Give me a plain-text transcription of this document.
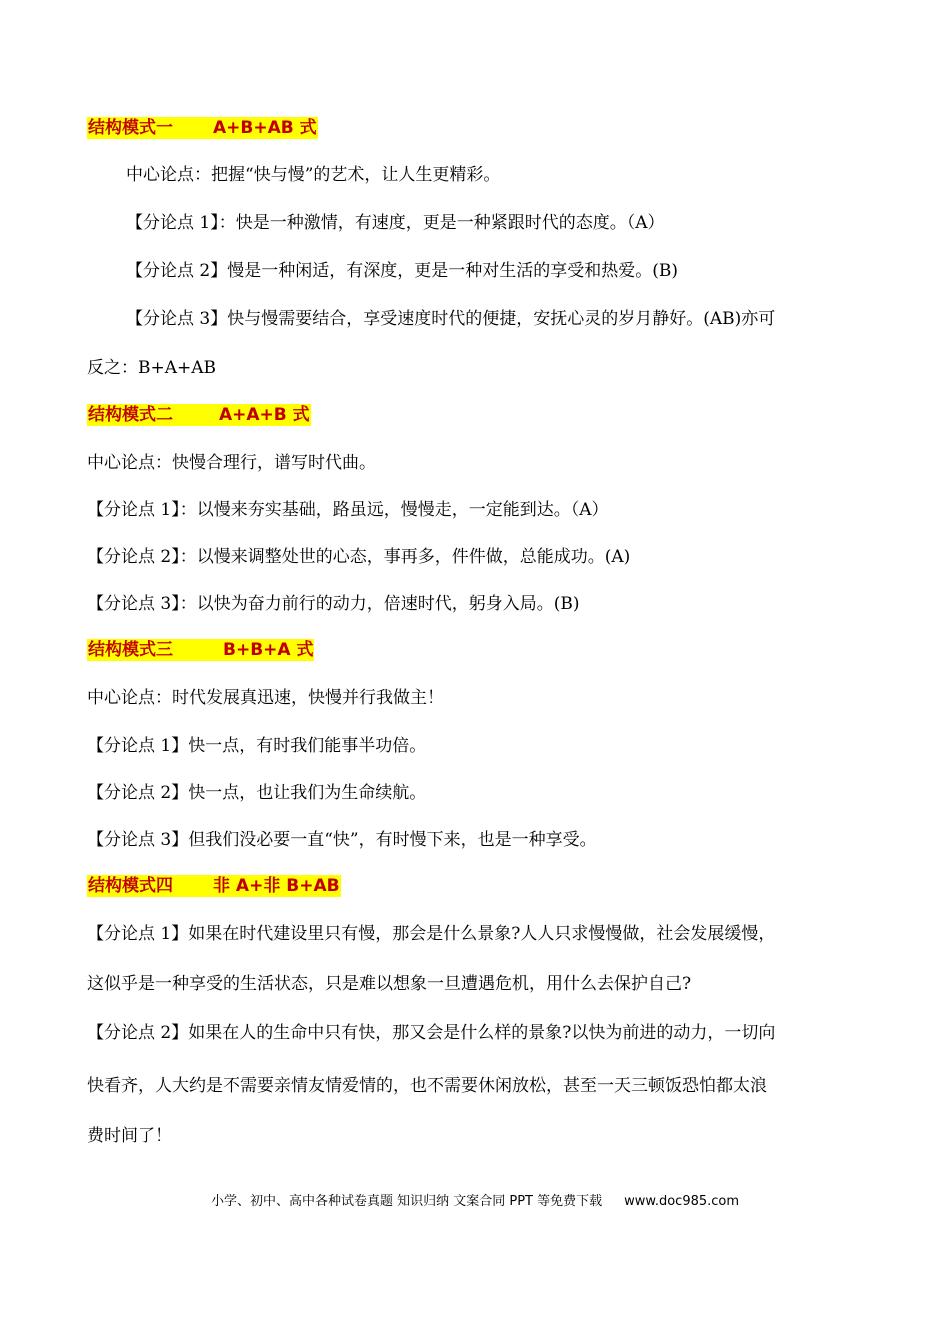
结构模式一 A+B+AB 式
中心论点：把握“快与慢”的艺术，让人生更精彩。
【分论点 1】：快是一种激情，有速度，更是一种紧跟时代的态度。（A）
【分论点 2】慢是一种闲适，有深度，更是一种对生活的享受和热爱。(B)
【分论点 3】快与慢需要结合，享受速度时代的便捷，安抚心灵的岁月静好。(AB)亦可
反之：B+A+AB
结构模式二	A+A+B 式
中心论点：快慢合理行，谱写时代曲。
【分论点 1】：以慢来夯实基础，路虽远，慢慢走，一定能到达。（A）
【分论点 2】：以慢来调整处世的心态，事再多，件件做，总能成功。(A)
【分论点 3】：以快为奋力前行的动力，倍速时代，躬身入局。(B)
结构模式三	B+B+A 式
中心论点：时代发展真迅速，快慢并行我做主！
【分论点 1】快一点，有时我们能事半功倍。
【分论点 2】快一点，也让我们为生命续航。
【分论点 3】但我们没必要一直“快”，有时慢下来，也是一种享受。
结构模式四 非 A+非 B+AB
【分论点 1】如果在时代建设里只有慢，那会是什么景象?人人只求慢慢做，社会发展缓慢，
这似乎是一种享受的生活状态，只是难以想象一旦遭遇危机，用什么去保护自己?
【分论点 2】如果在人的生命中只有快，那又会是什么样的景象?以快为前进的动力，一切向
快看齐，人大约是不需要亲情友情爱情的，也不需要休闲放松，甚至一天三顿饭恐怕都太浪
费时间了！
小学、初中、高中各种试卷真题 知识归纳 文案合同 PPT 等免费下载 www.doc985.com
